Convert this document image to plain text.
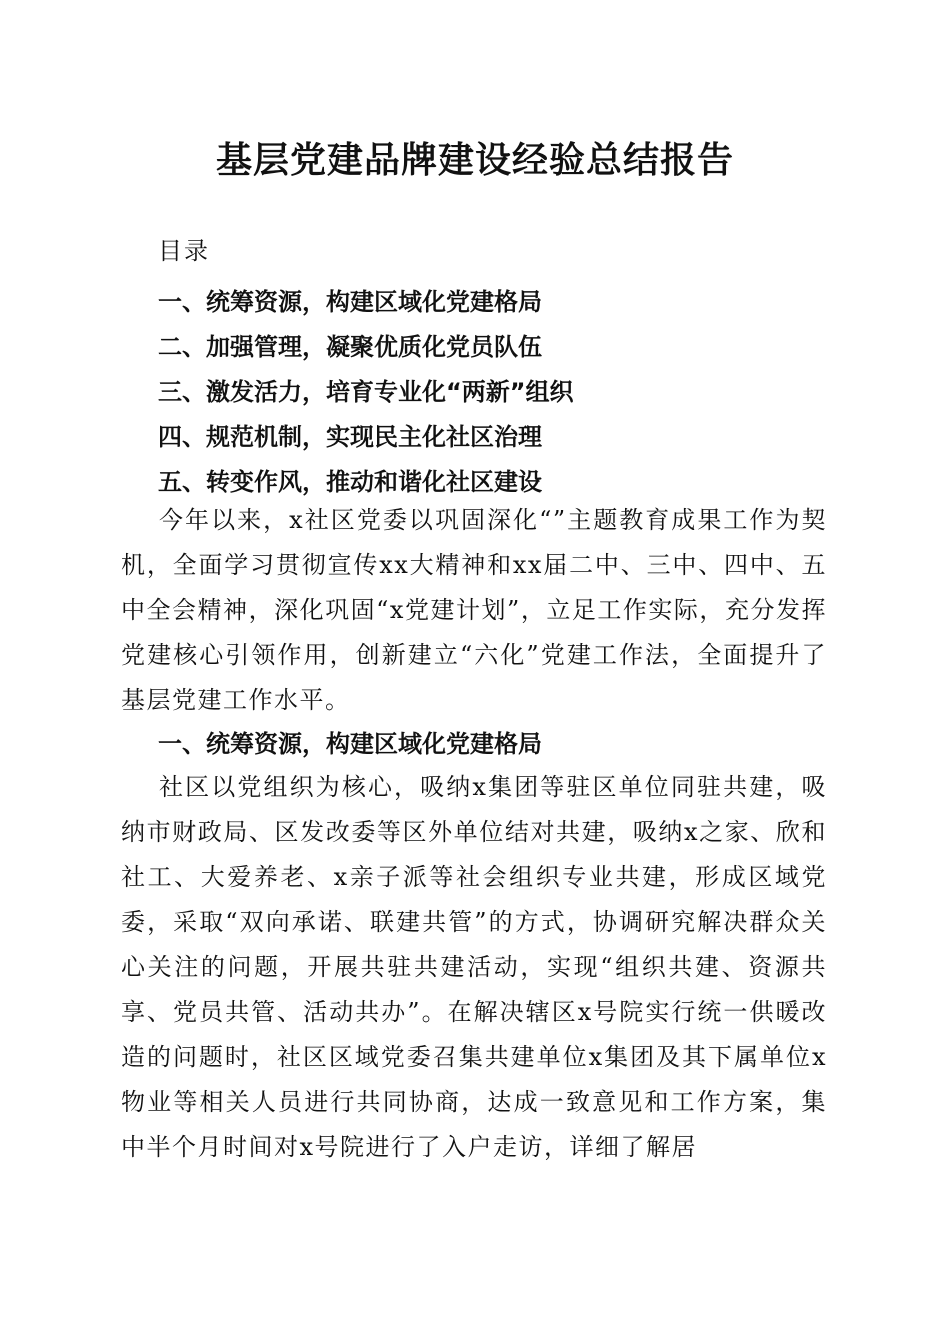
基层党建品牌建设经验总结报告
目录
一、统筹资源，构建区域化党建格局
二、加强管理，凝聚优质化党员队伍
三、激发活力，培育专业化“两新”组织
四、规范机制，实现民主化社区治理
五、转变作风，推动和谐化社区建设

今年以来，x社区党委以巩固深化“”主题教育成果工作为契机，全面学习贯彻宣传xx大精神和xx届二中、三中、四中、五中全会精神，深化巩固“x党建计划”，立足工作实际，充分发挥党建核心引领作用，创新建立“六化”党建工作法，全面提升了基层党建工作水平。

一、统筹资源，构建区域化党建格局

社区以党组织为核心，吸纳x集团等驻区单位同驻共建，吸纳市财政局、区发改委等区外单位结对共建，吸纳x之家、欣和社工、大爱养老、x亲子派等社会组织专业共建，形成区域党委，采取“双向承诺、联建共管”的方式，协调研究解决群众关心关注的问题，开展共驻共建活动，实现“组织共建、资源共享、党员共管、活动共办”。在解决辖区x号院实行统一供暖改造的问题时，社区区域党委召集共建单位x集团及其下属单位x物业等相关人员进行共同协商，达成一致意见和工作方案，集中半个月时间对x号院进行了入户走访，详细了解居
